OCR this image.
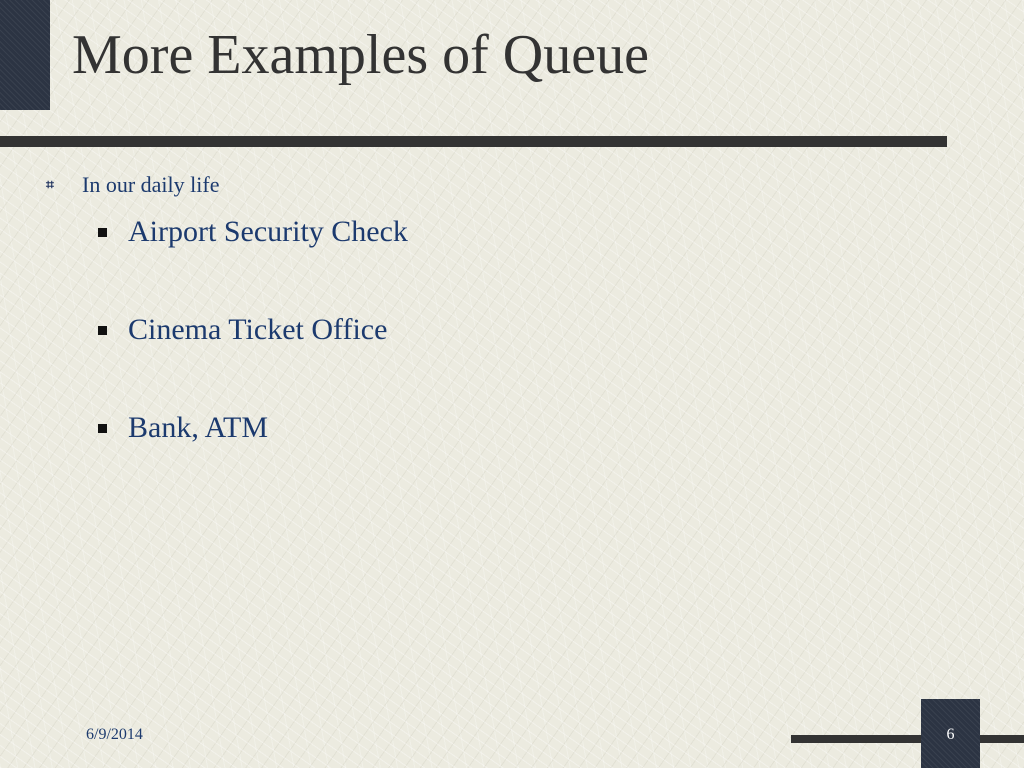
More Examples of Queue
⌗	In our daily life
Airport Security Check
Cinema Ticket Office
Bank, ATM
6/9/2014	6
